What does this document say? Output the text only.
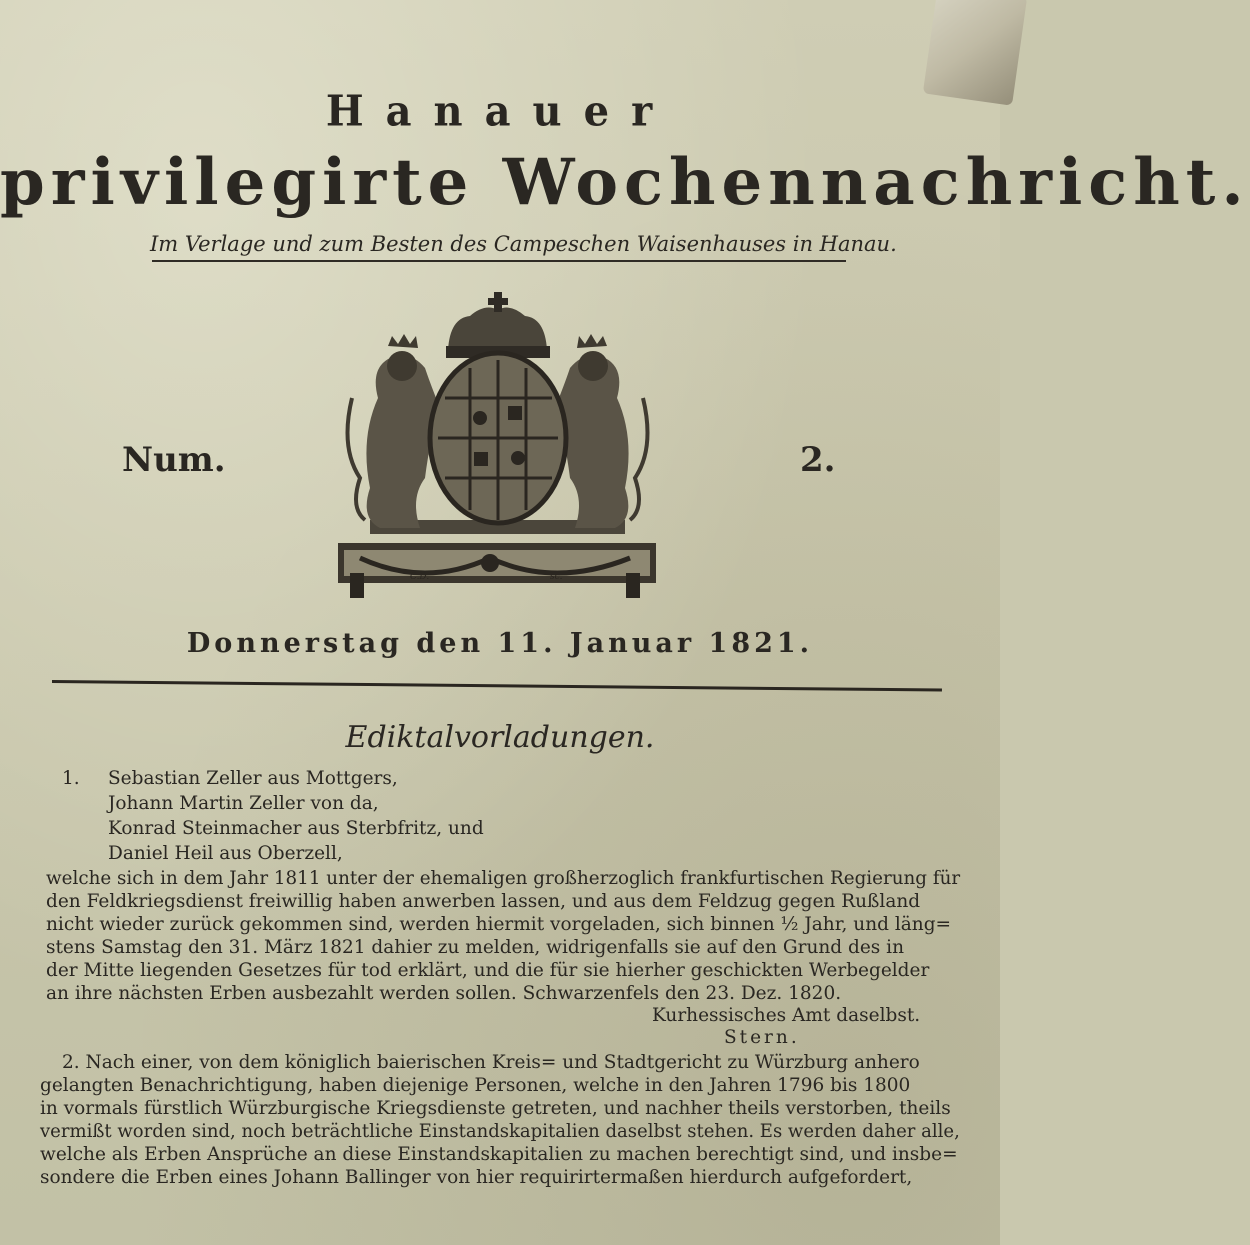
Hanauer
privilegirte Wochennachricht.
Im Verlage und zum Besten des Campeschen Waisenhauses in Hanau.
Num.	2.
C.D.	sc.
Donnerstag den 11. Januar 1821.
Ediktalvorladungen.
1. Sebastian Zeller aus Mottgers,
Johann Martin Zeller von da,
Konrad Steinmacher aus Sterbfritz, und
Daniel Heil aus Oberzell,
welche sich in dem Jahr 1811 unter der ehemaligen großherzoglich frankfurtischen Regierung für
den Feldkriegsdienst freiwillig haben anwerben lassen, und aus dem Feldzug gegen Rußland
nicht wieder zurück gekommen sind, werden hiermit vorgeladen, sich binnen ½ Jahr, und läng=
stens Samstag den 31. März 1821 dahier zu melden, widrigenfalls sie auf den Grund des in
der Mitte liegenden Gesetzes für tod erklärt, und die für sie hierher geschickten Werbegelder
an ihre nächsten Erben ausbezahlt werden sollen. Schwarzenfels den 23. Dez. 1820.
Kurhessisches Amt daselbst.
Stern.
2. Nach einer, von dem königlich baierischen Kreis= und Stadtgericht zu Würzburg anhero
gelangten Benachrichtigung, haben diejenige Personen, welche in den Jahren 1796 bis 1800
in vormals fürstlich Würzburgische Kriegsdienste getreten, und nachher theils verstorben, theils
vermißt worden sind, noch beträchtliche Einstandskapitalien daselbst stehen. Es werden daher alle,
welche als Erben Ansprüche an diese Einstandskapitalien zu machen berechtigt sind, und insbe=
sondere die Erben eines Johann Ballinger von hier requirirtermaßen hierdurch aufgefordert,
